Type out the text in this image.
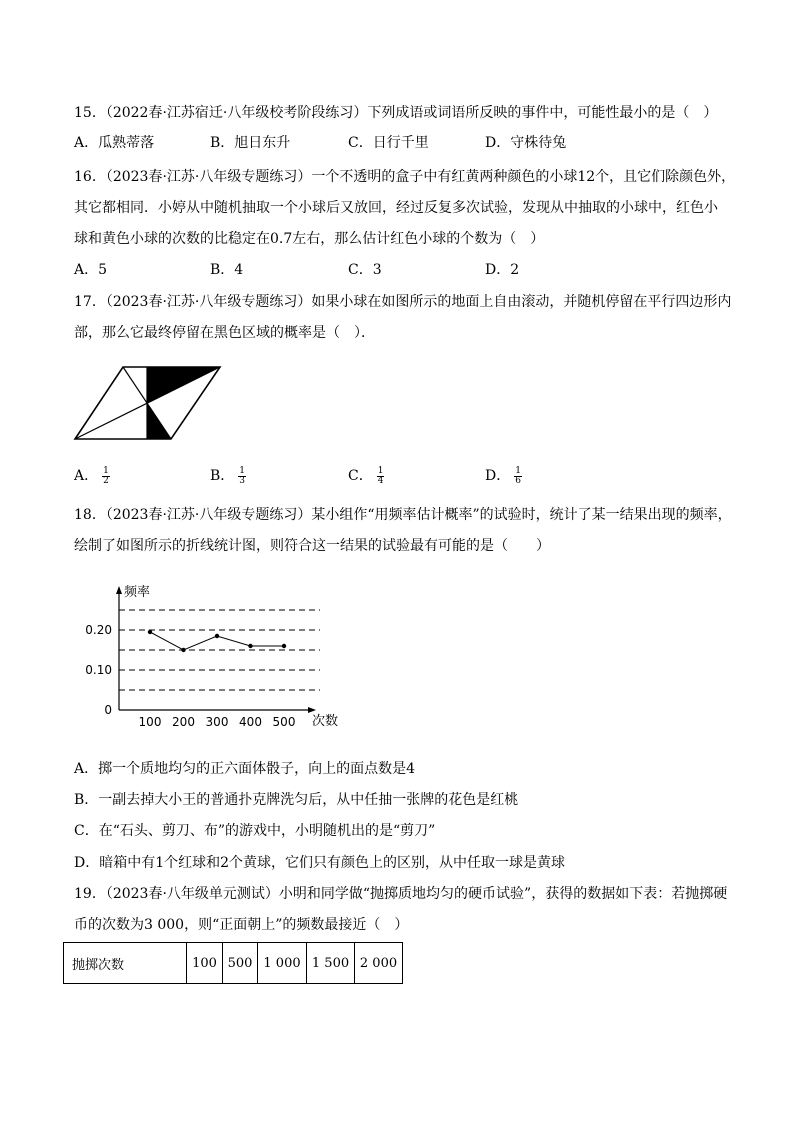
15．（2022春·江苏宿迁·八年级校考阶段练习）下列成语或词语所反映的事件中，可能性最小的是（　）
A．瓜熟蒂落	B．旭日东升	C．日行千里	D．守株待兔
16．（2023春·江苏·八年级专题练习）一个不透明的盒子中有红黄两种颜色的小球12个，且它们除颜色外，
其它都相同．小婷从中随机抽取一个小球后又放回，经过反复多次试验，发现从中抽取的小球中，红色小
球和黄色小球的次数的比稳定在0.7左右，那么估计红色小球的个数为（　）
A．5	B．4	C．3	D．2
17．（2023春·江苏·八年级专题练习）如果小球在如图所示的地面上自由滚动，并随机停留在平行四边形内
部，那么它最终停留在黑色区域的概率是（　）．
A． $\frac{1}{2}$	B． $\frac{1}{3}$	C． $\frac{1}{4}$	D． $\frac{1}{6}$
18．（2023春·江苏·八年级专题练习）某小组作“用频率估计概率”的试验时，统计了某一结果出现的频率，
绘制了如图所示的折线统计图，则符合这一结果的试验最有可能的是（　　）
频率
次数
100 200 300 400 500
0.20
0.10
0
A．掷一个质地均匀的正六面体骰子，向上的面点数是4
B．一副去掉大小王的普通扑克牌洗匀后，从中任抽一张牌的花色是红桃
C．在“石头、剪刀、布”的游戏中，小明随机出的是“剪刀”
D．暗箱中有1个红球和2个黄球，它们只有颜色上的区别，从中任取一球是黄球
19．（2023春·八年级单元测试）小明和同学做“抛掷质地均匀的硬币试验”，获得的数据如下表：若抛掷硬
币的次数为3 000，则“正面朝上”的频数最接近（　）
抛掷次数	100	500	1 000	1 500	2 000
